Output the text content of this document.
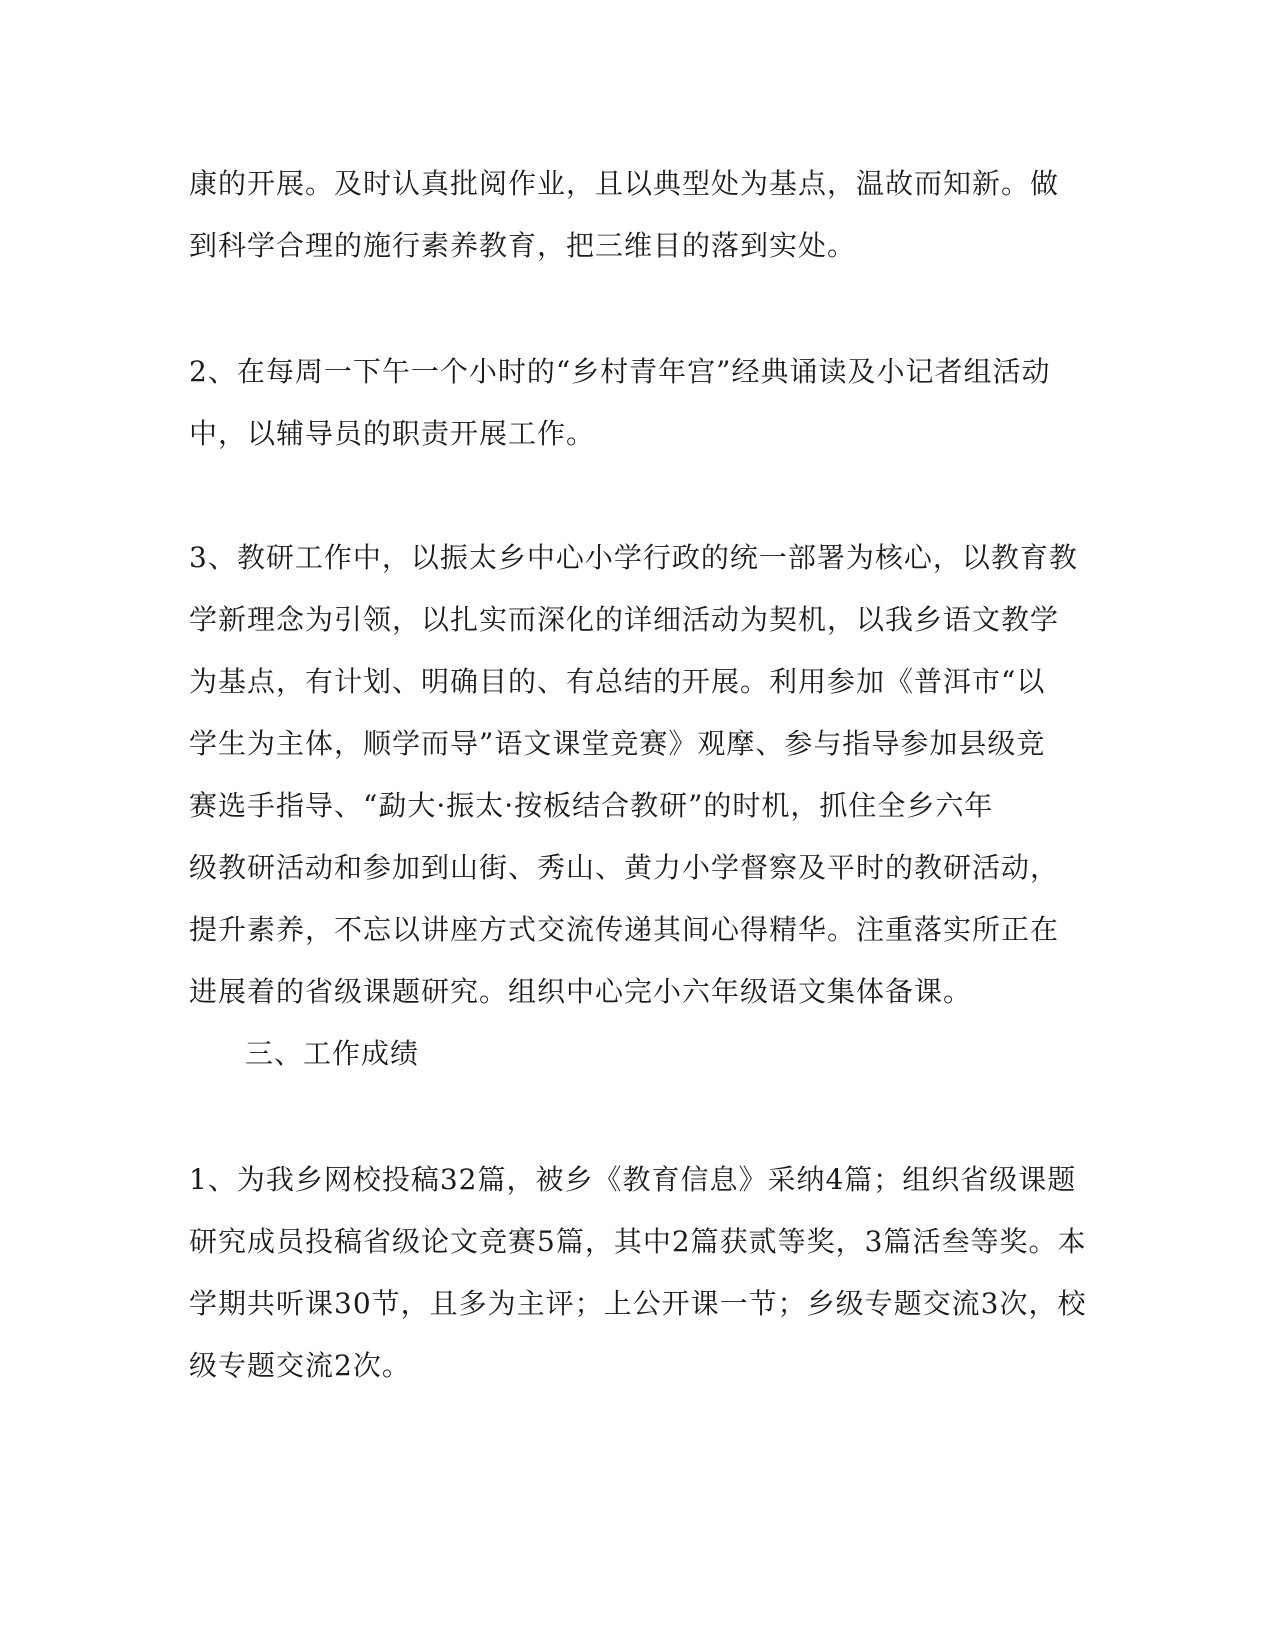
康的开展。及时认真批阅作业，且以典型处为基点，温故而知新。做
到科学合理的施行素养教育，把三维目的落到实处。
2、在每周一下午一个小时的“乡村青年宫”经典诵读及小记者组活动
中，以辅导员的职责开展工作。
3、教研工作中，以振太乡中心小学行政的统一部署为核心，以教育教
学新理念为引领，以扎实而深化的详细活动为契机，以我乡语文教学
为基点，有计划、明确目的、有总结的开展。利用参加《普洱市“以
学生为主体，顺学而导”语文课堂竞赛》观摩、参与指导参加县级竞
赛选手指导、“勐大·振太·按板结合教研”的时机，抓住全乡六年
级教研活动和参加到山街、秀山、黄力小学督察及平时的教研活动，
提升素养，不忘以讲座方式交流传递其间心得精华。注重落实所正在
进展着的省级课题研究。组织中心完小六年级语文集体备课。
三、工作成绩
1、为我乡网校投稿32篇，被乡《教育信息》采纳4篇；组织省级课题
研究成员投稿省级论文竞赛5篇，其中2篇获贰等奖，3篇活叁等奖。本
学期共听课30节，且多为主评；上公开课一节；乡级专题交流3次，校
级专题交流2次。
